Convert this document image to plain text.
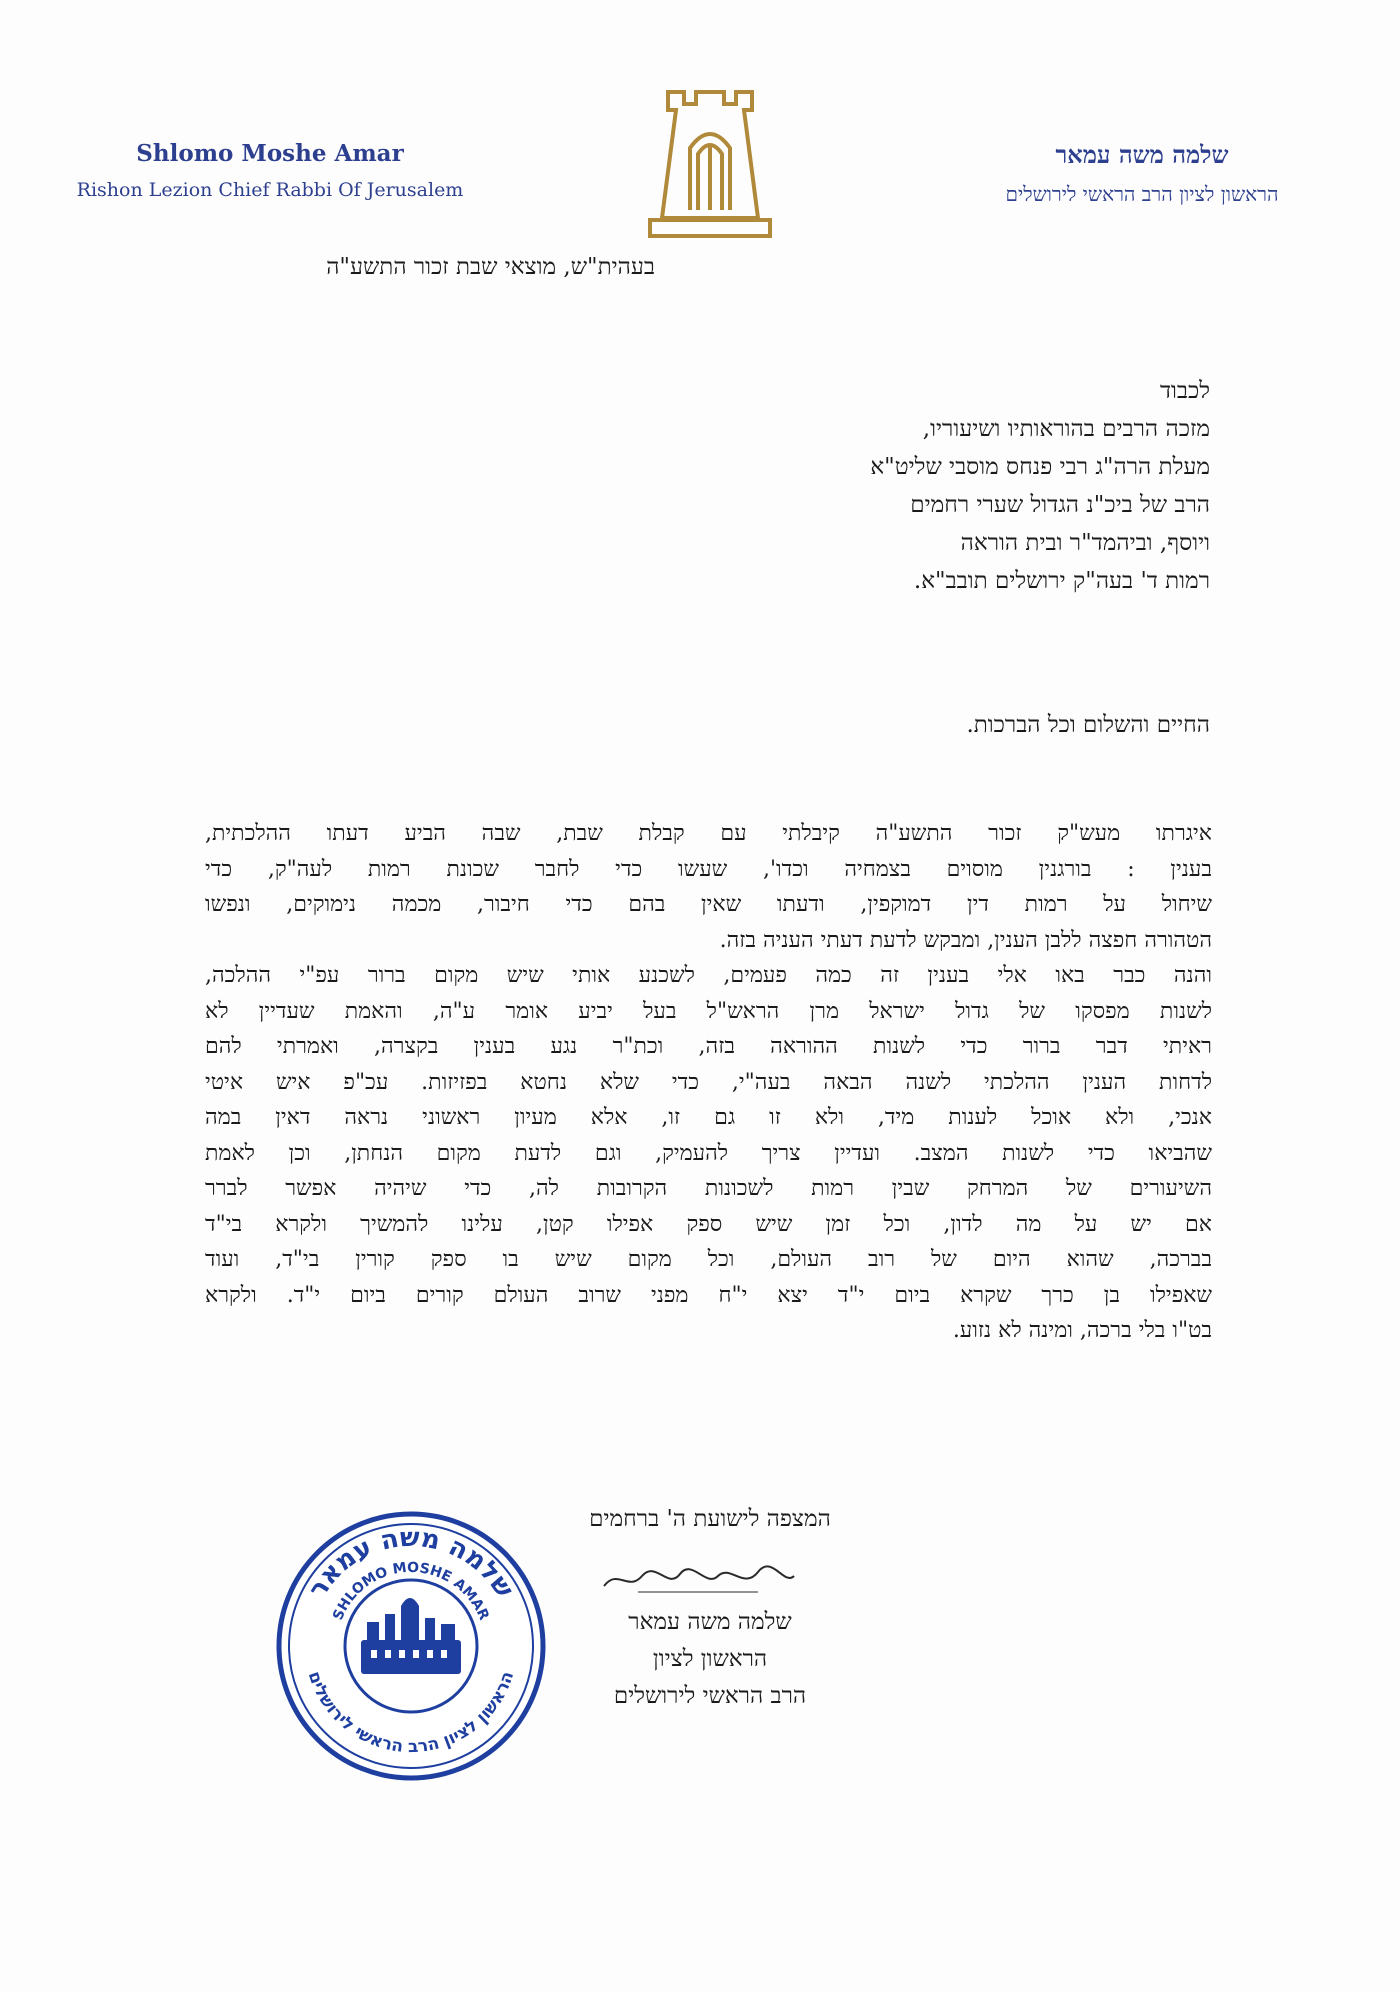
Shlomo Moshe Amar
Rishon Lezion Chief Rabbi Of Jerusalem
שלמה משה עמאר
הראשון לציון הרב הראשי לירושלים
בעהית"ש, מוצאי שבת זכור התשע"ה
לכבוד
מזכה הרבים בהוראותיו ושיעוריו,
מעלת הרה"ג רבי פנחס מוסבי שליט"א
הרב של ביכ"נ הגדול שערי רחמים
ויוסף, וביהמד"ר ובית הוראה
רמות ד' בעה"ק ירושלים תובב"א.
החיים והשלום וכל הברכות.
איגרתו מעש"ק זכור התשע"ה קיבלתי עם קבלת שבת, שבה הביע דעתו ההלכתית,
בענין : בורגנין מוסוים בצמחיה וכדו', שעשו כדי לחבר שכונת רמות לעה"ק, כדי
שיחול על רמות דין דמוקפין, ודעתו שאין בהם כדי חיבור, מכמה נימוקים, ונפשו
הטהורה חפצה ללבן הענין, ומבקש לדעת דעתי העניה בזה.
והנה כבר באו אלי בענין זה כמה פעמים, לשכנע אותי שיש מקום ברור עפ"י ההלכה,
לשנות מפסקו של גדול ישראל מרן הראש"ל בעל יביע אומר ע"ה, והאמת שעדיין לא
ראיתי דבר ברור כדי לשנות ההוראה בזה, וכת"ר נגע בענין בקצרה, ואמרתי להם
לדחות הענין ההלכתי לשנה הבאה בעה"י, כדי שלא נחטא בפזיזות. עכ"פ איש איטי
אנכי, ולא אוכל לענות מיד, ולא זו גם זו, אלא מעיון ראשוני נראה דאין במה
שהביאו כדי לשנות המצב. ועדיין צריך להעמיק, וגם לדעת מקום הנחתן, וכן לאמת
השיעורים של המרחק שבין רמות לשכונות הקרובות לה, כדי שיהיה אפשר לברר
אם יש על מה לדון, וכל זמן שיש ספק אפילו קטן, עלינו להמשיך ולקרא בי"ד
בברכה, שהוא היום של רוב העולם, וכל מקום שיש בו ספק קורין בי"ד, ועוד
שאפילו בן כרך שקרא ביום י"ד יצא י"ח מפני שרוב העולם קורים ביום י"ד. ולקרא
בט"ו בלי ברכה, ומינה לא נזוע.
המצפה לישועת ה' ברחמים
שלמה משה עמאר
הראשון לציון
הרב הראשי לירושלים
שלמה משה עמאר
SHLOMO MOSHE AMAR
הראשון לציון הרב הראשי לירושלים
